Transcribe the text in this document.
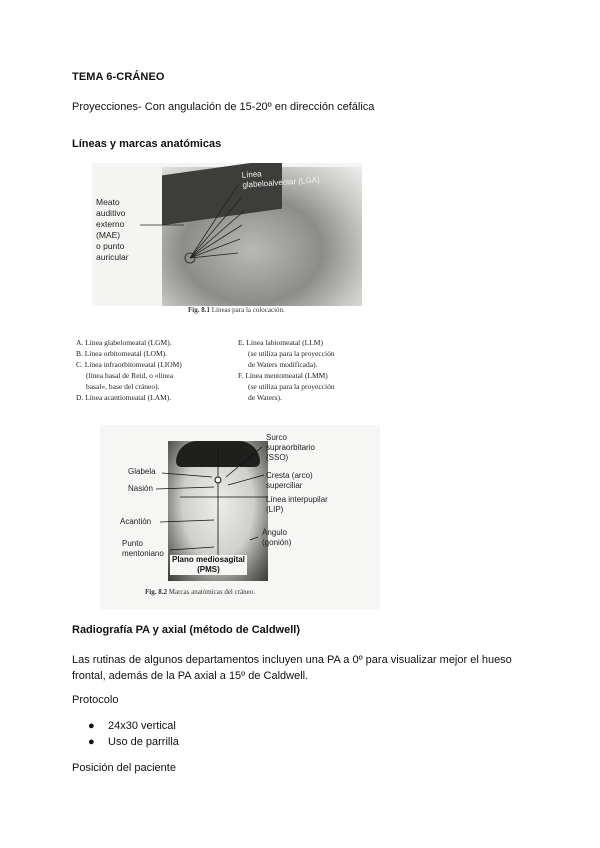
TEMA 6-CRÁNEO
Proyecciones- Con angulación de 15-20º en dirección cefálica
Líneas y marcas anatómicas
Línea
glabeloalveolar (LGA)
Meato
auditivo
externo
(MAE)
o punto
auricular
Fig. 8.1 Líneas para la colocación.
A. Línea glabelomeatal (LGM).
B. Línea orbitomeatal (LOM).
C. Línea infraorbitomeatal (LIOM)
(línea basal de Reid, o «línea
basal», base del cráneo).
D. Línea acantiomeatal (LAM).
E. Línea labiomeatal (LLM)
(se utiliza para la proyección
de Waters modificada).
F. Línea mentomeatal (LMM)
(se utiliza para la proyección
de Waters).
Glabela
Nasión
Acantión
Punto
mentoniano
Surco
supraorbitario
(SSO)
Cresta (arco)
superciliar
Línea interpupilar
(LIP)
Ángulo
(gonión)
Plano mediosagital
(PMS)
Fig. 8.2 Marcas anatómicas del cráneo.
Radiografía PA y axial (método de Caldwell)
Las rutinas de algunos departamentos incluyen una PA a 0º para visualizar mejor el hueso frontal, además de la PA axial a 15º de Caldwell.
Protocolo
● 24x30 vertical
● Uso de parrilla
Posición del paciente
